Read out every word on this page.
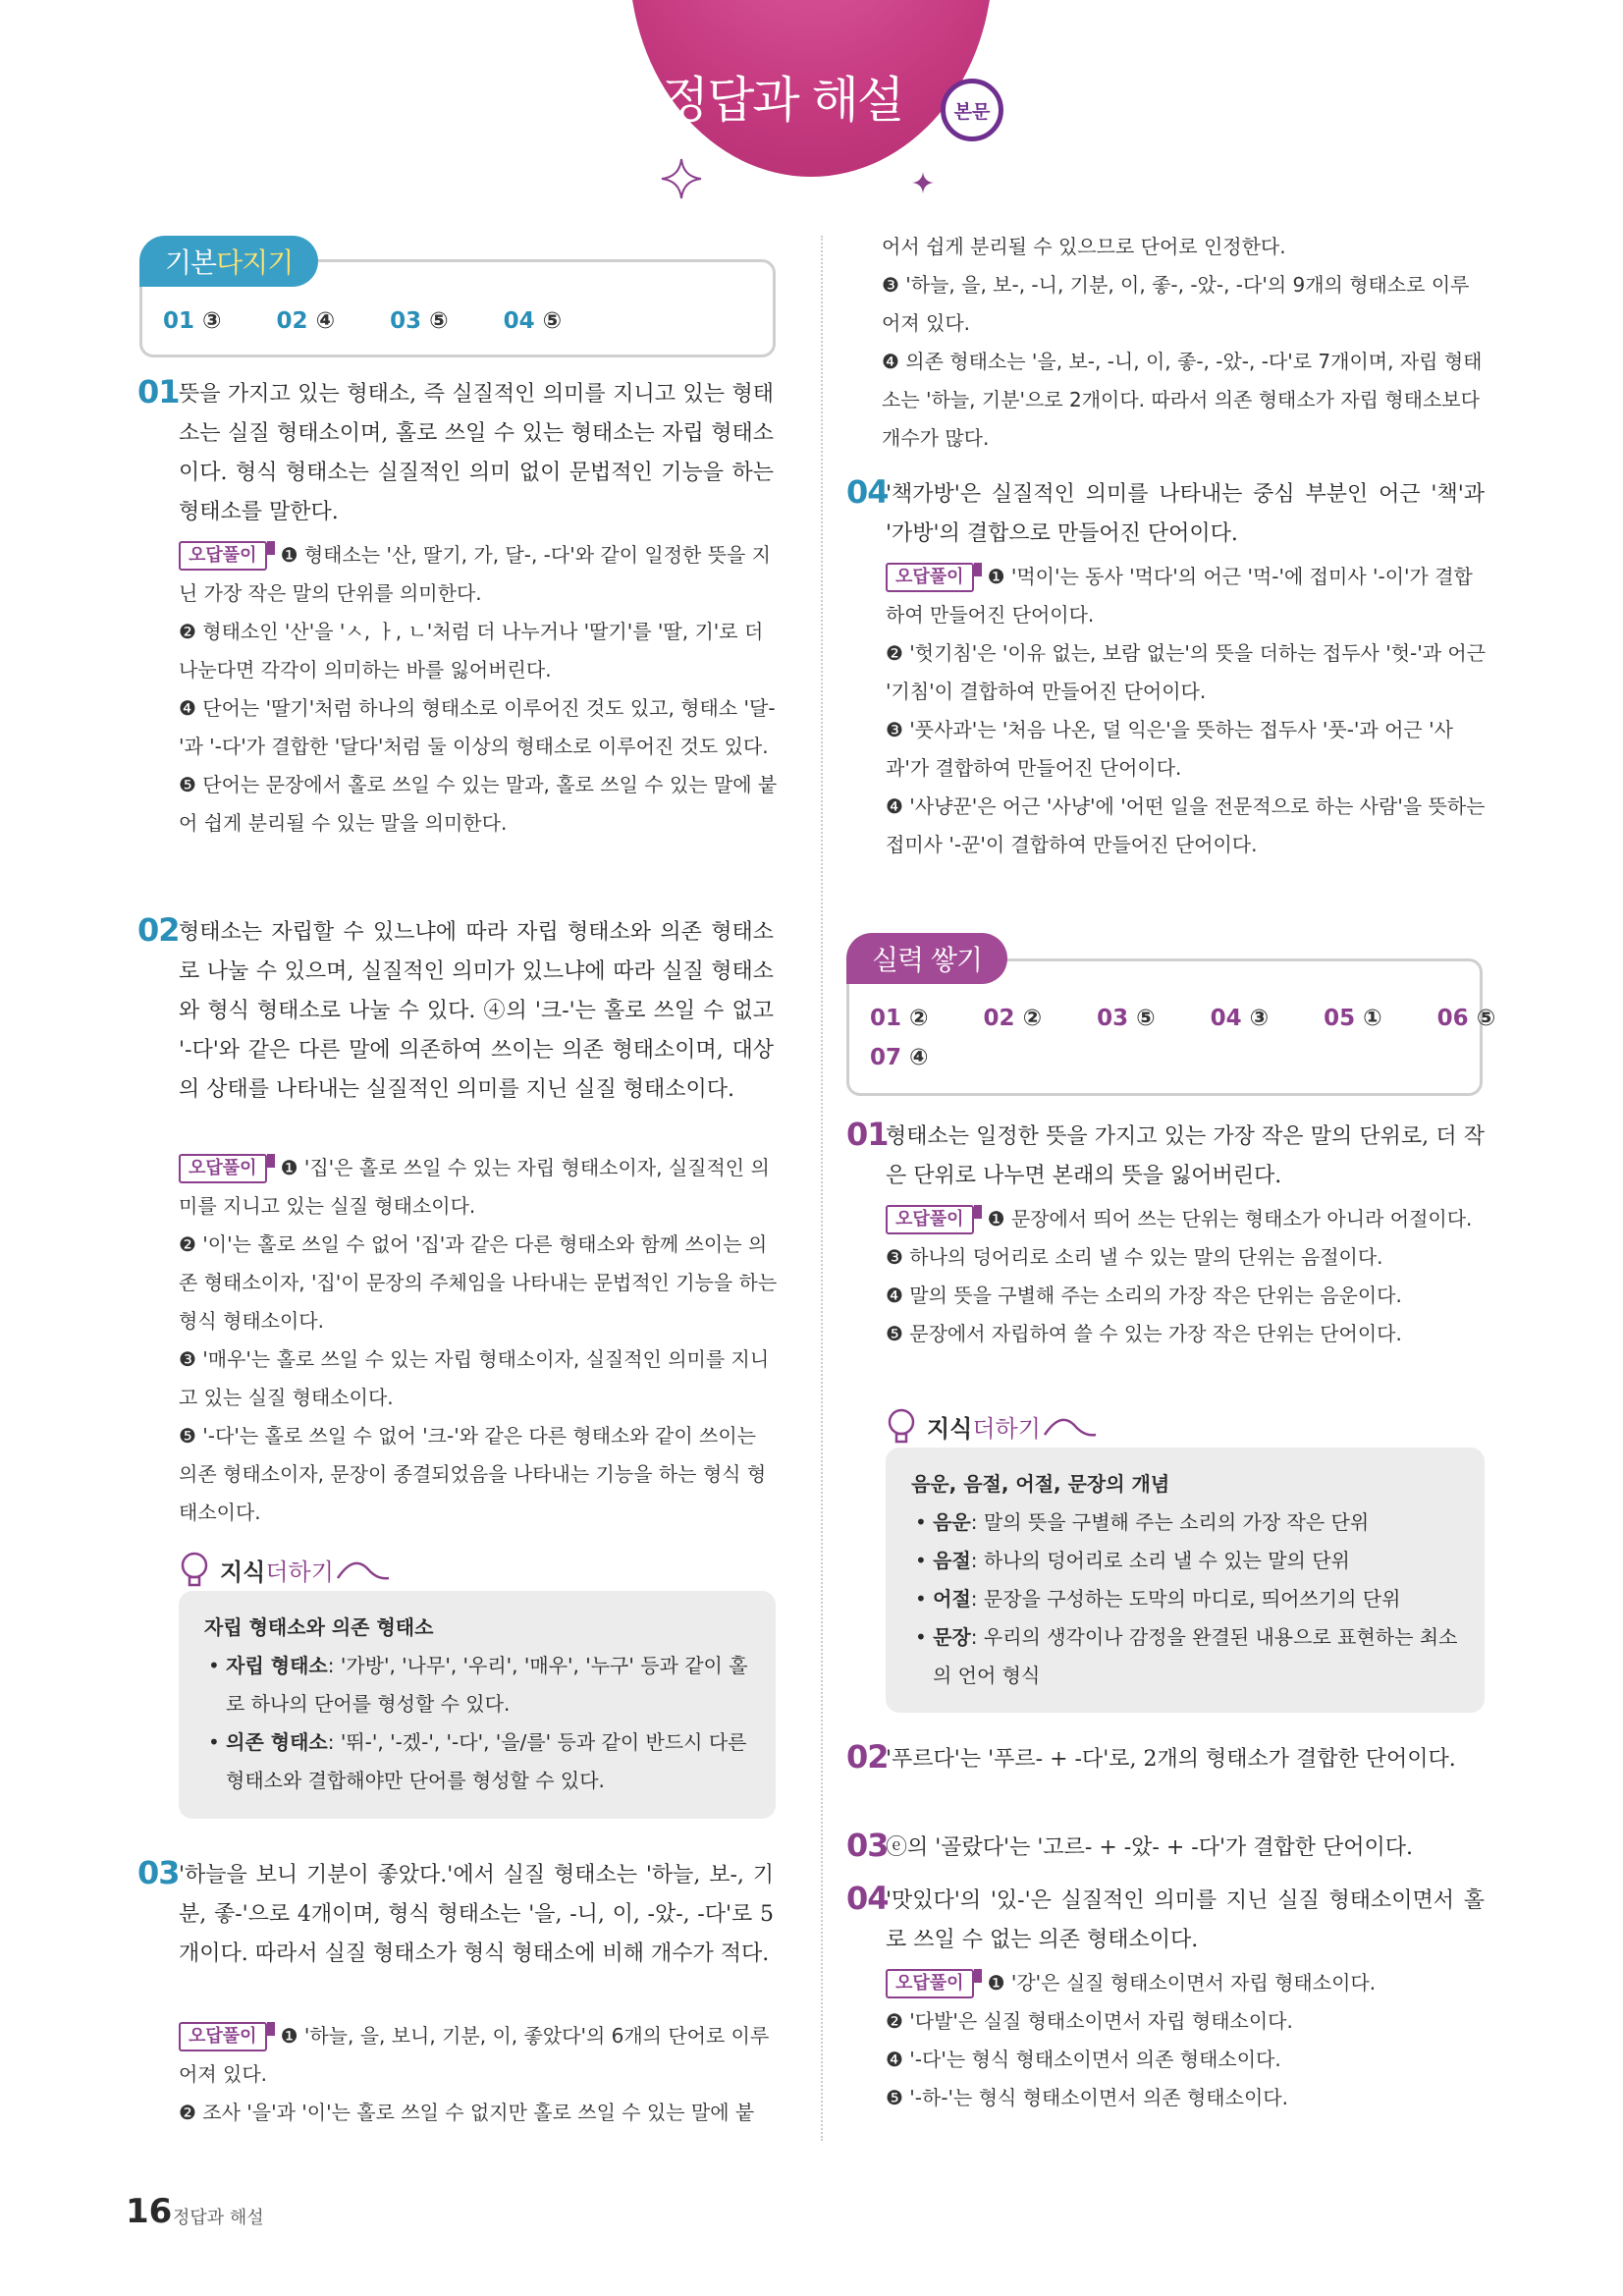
정답과 해설	본문
기본 다지기
01 ③ 02 ④ 03 ⑤ 04 ⑤
01 뜻을 가지고 있는 형태소, 즉 실질적인 의미를 지니고 있는 형태소는 실질 형태소이며, 홀로 쓰일 수 있는 형태소는 자립 형태소이다. 형식 형태소는 실질적인 의미 없이 문법적인 기능을 하는 형태소를 말한다.

오답풀이 ❶ 형태소는 '산, 딸기, 가, 달-, -다'와 같이 일정한 뜻을 지닌 가장 작은 말의 단위를 의미한다.

❷ 형태소인 '산'을 'ㅅ, ㅏ, ㄴ'처럼 더 나누거나 '딸기'를 '딸, 기'로 더 나눈다면 각각이 의미하는 바를 잃어버린다.

❹ 단어는 '딸기'처럼 하나의 형태소로 이루어진 것도 있고, 형태소 '달-'과 '-다'가 결합한 '달다'처럼 둘 이상의 형태소로 이루어진 것도 있다.

❺ 단어는 문장에서 홀로 쓰일 수 있는 말과, 홀로 쓰일 수 있는 말에 붙어 쉽게 분리될 수 있는 말을 의미한다.

02 형태소는 자립할 수 있느냐에 따라 자립 형태소와 의존 형태소로 나눌 수 있으며, 실질적인 의미가 있느냐에 따라 실질 형태소와 형식 형태소로 나눌 수 있다. ④의 '크-'는 홀로 쓰일 수 없고 '-다'와 같은 다른 말에 의존하여 쓰이는 의존 형태소이며, 대상의 상태를 나타내는 실질적인 의미를 지닌 실질 형태소이다.

오답풀이 ❶ '집'은 홀로 쓰일 수 있는 자립 형태소이자, 실질적인 의미를 지니고 있는 실질 형태소이다.

❷ '이'는 홀로 쓰일 수 없어 '집'과 같은 다른 형태소와 함께 쓰이는 의존 형태소이자, '집'이 문장의 주체임을 나타내는 문법적인 기능을 하는 형식 형태소이다.

❸ '매우'는 홀로 쓰일 수 있는 자립 형태소이자, 실질적인 의미를 지니고 있는 실질 형태소이다.

❺ '-다'는 홀로 쓰일 수 없어 '크-'와 같은 다른 형태소와 같이 쓰이는 의존 형태소이자, 문장이 종결되었음을 나타내는 기능을 하는 형식 형태소이다.

지식 더하기
자립 형태소와 의존 형태소
• 자립 형태소: '가방', '나무', '우리', '매우', '누구' 등과 같이 홀로 하나의 단어를 형성할 수 있다.
• 의존 형태소: '뛰-', '-겠-', '-다', '을/를' 등과 같이 반드시 다른 형태소와 결합해야만 단어를 형성할 수 있다.
03 '하늘을 보니 기분이 좋았다.'에서 실질 형태소는 '하늘, 보-, 기분, 좋-'으로 4개이며, 형식 형태소는 '을, -니, 이, -았-, -다'로 5개이다. 따라서 실질 형태소가 형식 형태소에 비해 개수가 적다.

오답풀이 ❶ '하늘, 을, 보니, 기분, 이, 좋았다'의 6개의 단어로 이루어져 있다.

❷ 조사 '을'과 '이'는 홀로 쓰일 수 없지만 홀로 쓰일 수 있는 말에 붙

어서 쉽게 분리될 수 있으므로 단어로 인정한다.

❸ '하늘, 을, 보-, -니, 기분, 이, 좋-, -았-, -다'의 9개의 형태소로 이루어져 있다.

❹ 의존 형태소는 '을, 보-, -니, 이, 좋-, -았-, -다'로 7개이며, 자립 형태소는 '하늘, 기분'으로 2개이다. 따라서 의존 형태소가 자립 형태소보다 개수가 많다.

04
'책가방'은 실질적인 의미를 나타내는 중심 부분인 어근 '책'과 '가방'의 결합으로 만들어진 단어이다.

오답풀이 ❶ '먹이'는 동사 '먹다'의 어근 '먹-'에 접미사 '-이'가 결합하여 만들어진 단어이다.

❷ '헛기침'은 '이유 없는, 보람 없는'의 뜻을 더하는 접두사 '헛-'과 어근 '기침'이 결합하여 만들어진 단어이다.

❸ '풋사과'는 '처음 나온, 덜 익은'을 뜻하는 접두사 '풋-'과 어근 '사과'가 결합하여 만들어진 단어이다.

❹ '사냥꾼'은 어근 '사냥'에 '어떤 일을 전문적으로 하는 사람'을 뜻하는 접미사 '-꾼'이 결합하여 만들어진 단어이다.

실력 쌓기
01 ② 02 ② 03 ⑤ 04 ③ 05 ① 06 ⑤
07 ④
01
형태소는 일정한 뜻을 가지고 있는 가장 작은 말의 단위로, 더 작은 단위로 나누면 본래의 뜻을 잃어버린다.

오답풀이 ❶ 문장에서 띄어 쓰는 단위는 형태소가 아니라 어절이다.

❸ 하나의 덩어리로 소리 낼 수 있는 말의 단위는 음절이다.

❹ 말의 뜻을 구별해 주는 소리의 가장 작은 단위는 음운이다.

❺ 문장에서 자립하여 쓸 수 있는 가장 작은 단위는 단어이다.

지식 더하기
음운, 음절, 어절, 문장의 개념
• 음운: 말의 뜻을 구별해 주는 소리의 가장 작은 단위
• 음절: 하나의 덩어리로 소리 낼 수 있는 말의 단위
• 어절: 문장을 구성하는 도막의 마디로, 띄어쓰기의 단위
• 문장: 우리의 생각이나 감정을 완결된 내용으로 표현하는 최소의 언어 형식
02
'푸르다'는 '푸르- + -다'로, 2개의 형태소가 결합한 단어이다.
03
ⓔ의 '골랐다'는 '고르- + -았- + -다'가 결합한 단어이다.
04
'맛있다'의 '있-'은 실질적인 의미를 지닌 실질 형태소이면서 홀로 쓰일 수 없는 의존 형태소이다.

오답풀이 ❶ '강'은 실질 형태소이면서 자립 형태소이다.

❷ '다발'은 실질 형태소이면서 자립 형태소이다.

❹ '-다'는 형식 형태소이면서 의존 형태소이다.

❺ '-하-'는 형식 형태소이면서 의존 형태소이다.

16 정답과 해설
